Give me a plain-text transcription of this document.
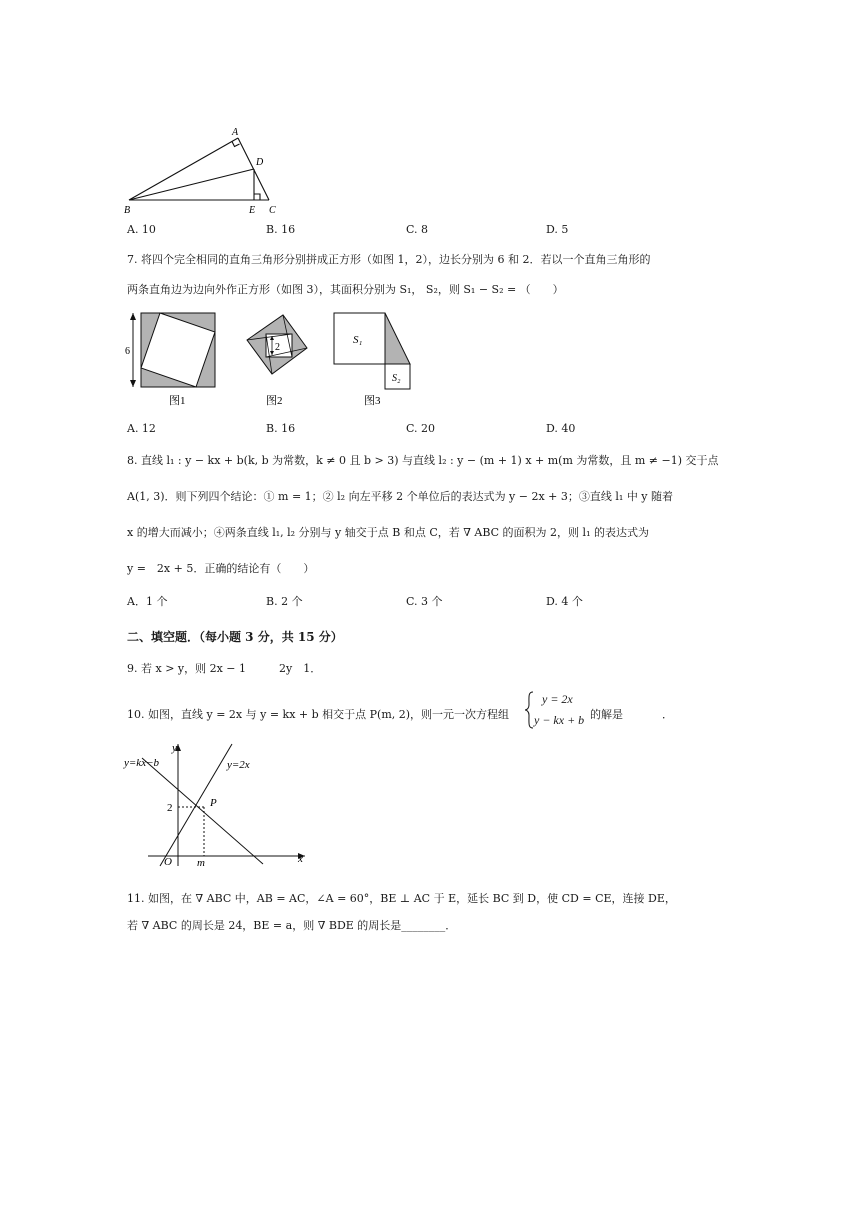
A
D
B	E C
A. 10	B. 16	C. 8	D. 5
7. 将四个完全相同的直角三角形分别拼成正方形（如图 1，2），边长分别为 6 和 2．若以一个直角三角形的
两条直角边为边向外作正方形（如图 3），其面积分别为 S₁， S₂，则 S₁ − S₂ = （　　）
6
图1
2
图2
S₁
S₂
图3
A. 12	B. 16	C. 20	D. 40
8. 直线 l₁ : y − kx + b(k, b 为常数，k ≠ 0 且 b > 3) 与直线 l₂ : y − (m + 1) x + m(m 为常数，且 m ≠ −1) 交于点
A(1, 3)．则下列四个结论：① m = 1；② l₂ 向左平移 2 个单位后的表达式为 y − 2x + 3；③直线 l₁ 中 y 随着
x 的增大而减小；④两条直线 l₁, l₂ 分别与 y 轴交于点 B 和点 C，若 ∇ ABC 的面积为 2，则 l₁ 的表达式为
y =　2x + 5．正确的结论有（　　）
A．1 个	B. 2 个	C. 3 个	D. 4 个
二、填空题．（每小题 3 分，共 15 分）
9. 若 x > y，则 2x − 1　　　2y　1．
10. 如图，直线 y = 2x 与 y = kx + b 相交于点 P(m, 2)，则一元一次方程组
y = 2x
y − kx + b 的解是	．
y
x
y=kx−b	y=2x
2	P
O m
11. 如图，在 ∇ ABC 中，AB = AC，∠A = 60°，BE ⊥ AC 于 E，延长 BC 到 D，使 CD = CE，连接 DE，
若 ∇ ABC 的周长是 24，BE = a，则 ∇ BDE 的周长是________．
